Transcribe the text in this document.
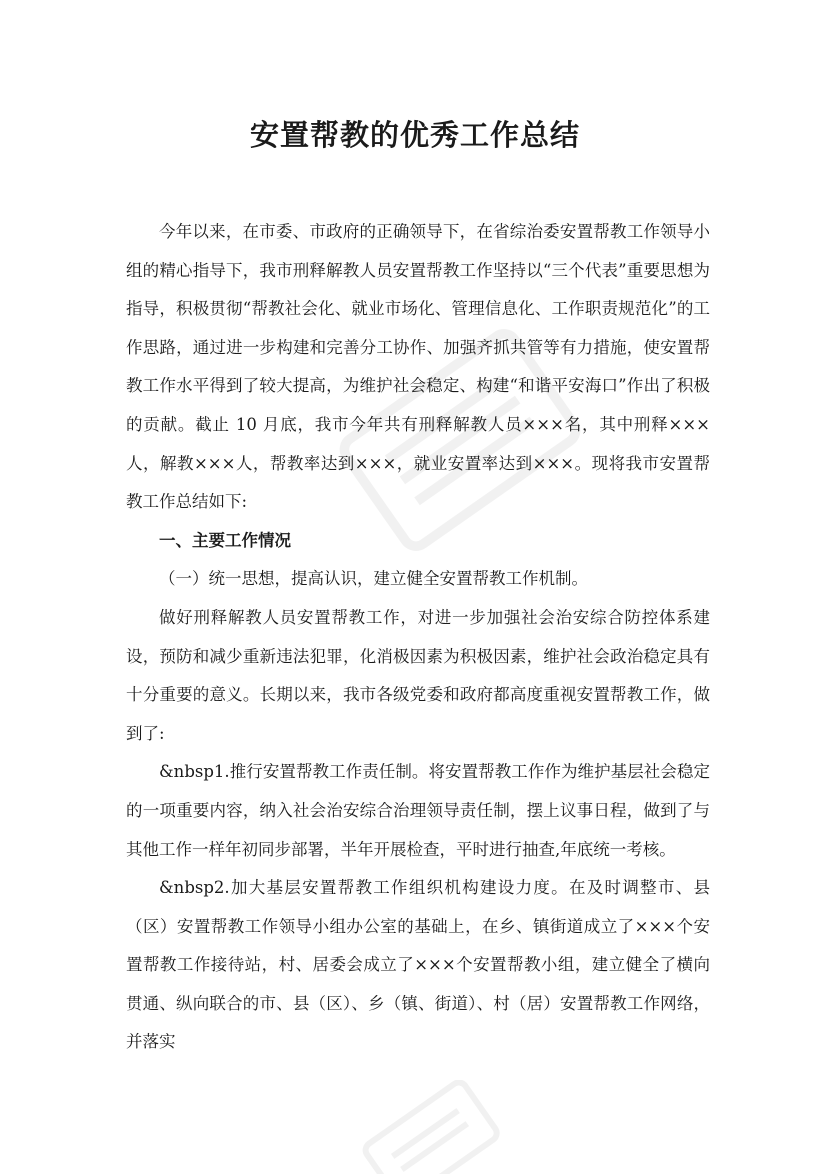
安置帮教的优秀工作总结

今年以来，在市委、市政府的正确领导下，在省综治委安置帮教工作领导小组的精心指导下，我市刑释解教人员安置帮教工作坚持以“三个代表”重要思想为指导，积极贯彻“帮教社会化、就业市场化、管理信息化、工作职责规范化”的工作思路，通过进一步构建和完善分工协作、加强齐抓共管等有力措施，使安置帮教工作水平得到了较大提高，为维护社会稳定、构建“和谐平安海口”作出了积极的贡献。截止 10 月底，我市今年共有刑释解教人员×××名，其中刑释×××人，解教×××人，帮教率达到×××，就业安置率达到×××。现将我市安置帮教工作总结如下:

一、主要工作情况

（一）统一思想，提高认识，建立健全安置帮教工作机制。

做好刑释解教人员安置帮教工作，对进一步加强社会治安综合防控体系建设，预防和减少重新违法犯罪，化消极因素为积极因素，维护社会政治稳定具有十分重要的意义。长期以来，我市各级党委和政府都高度重视安置帮教工作，做到了:

&nbsp1.推行安置帮教工作责任制。将安置帮教工作作为维护基层社会稳定的一项重要内容，纳入社会治安综合治理领导责任制，摆上议事日程，做到了与其他工作一样年初同步部署，半年开展检查，平时进行抽查,年底统一考核。

&nbsp2.加大基层安置帮教工作组织机构建设力度。在及时调整市、县（区）安置帮教工作领导小组办公室的基础上，在乡、镇街道成立了×××个安置帮教工作接待站，村、居委会成立了×××个安置帮教小组，建立健全了横向贯通、纵向联合的市、县（区）、乡（镇、街道）、村（居）安置帮教工作网络，并落实
